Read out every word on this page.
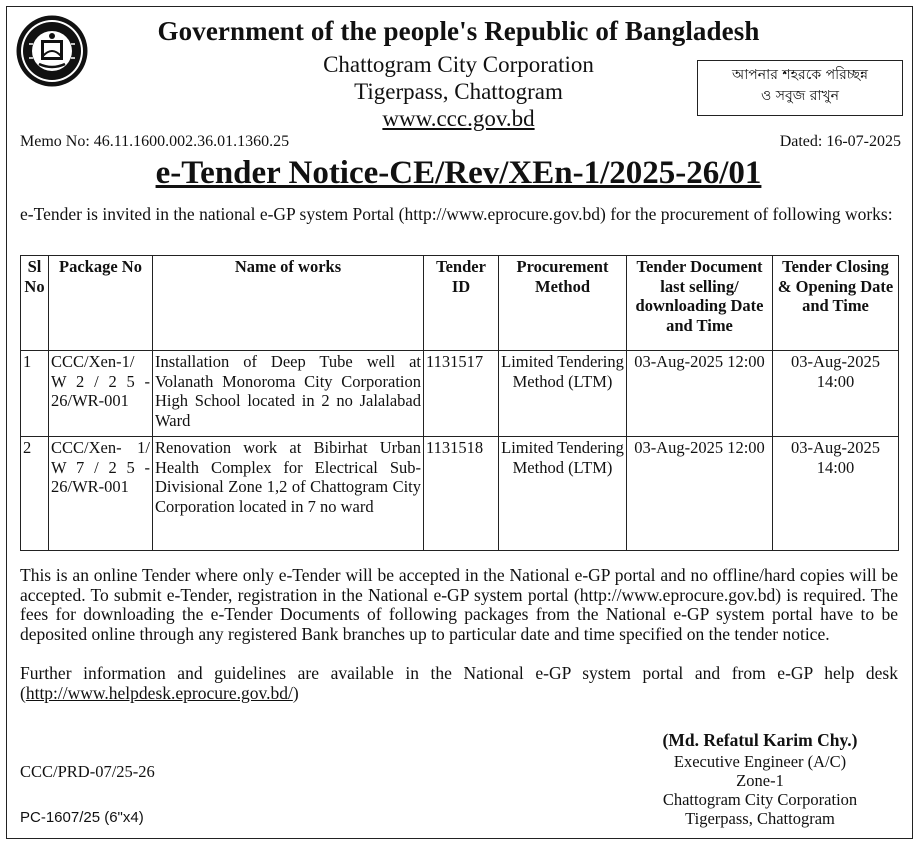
Government of the people's Republic of Bangladesh
Chattogram City Corporation
Tigerpass, Chattogram
www.ccc.gov.bd
আপনার শহরকে পরিচ্ছন্ন
ও সবুজ রাখুন
Memo No: 46.11.1600.002.36.01.1360.25	Dated: 16-07-2025
e-Tender Notice-CE/Rev/XEn-1/2025-26/01
e-Tender is invited in the national e-GP system Portal (http://www.eprocure.gov.bd) for the procurement of following works:
Sl No	Package No	Name of works	Tender ID	Procurement Method	Tender Document last selling/ downloading Date and Time	Tender Closing & Opening Date and Time
1	CCC/Xen-1/ W 2 / 2 5 - 26/WR-001	Installation of Deep Tube well at Volanath Monoroma City Corporation High School located in 2 no Jalalabad Ward	1131517	Limited Tendering Method (LTM)	03-Aug-2025 12:00	03-Aug-2025 14:00
2	CCC/Xen- 1/ W 7 / 2 5 - 26/WR-001	Renovation work at Bibirhat Urban Health Complex for Electrical Sub-Divisional Zone 1,2 of Chattogram City Corporation located in 7 no ward	1131518	Limited Tendering Method (LTM)	03-Aug-2025 12:00	03-Aug-2025 14:00
This is an online Tender where only e-Tender will be accepted in the National e-GP portal and no offline/hard copies will be accepted. To submit e-Tender, registration in the National e-GP system portal (http://www.eprocure.gov.bd) is required. The fees for downloading the e-Tender Documents of following packages from the National e-GP system portal have to be deposited online through any registered Bank branches up to particular date and time specified on the tender notice.
Further information and guidelines are available in the National e-GP system portal and from e-GP help desk (http://www.helpdesk.eprocure.gov.bd/)
(Md. Refatul Karim Chy.)
Executive Engineer (A/C)
Zone-1
Chattogram City Corporation
Tigerpass, Chattogram
CCC/PRD-07/25-26
PC-1607/25 (6"x4)
